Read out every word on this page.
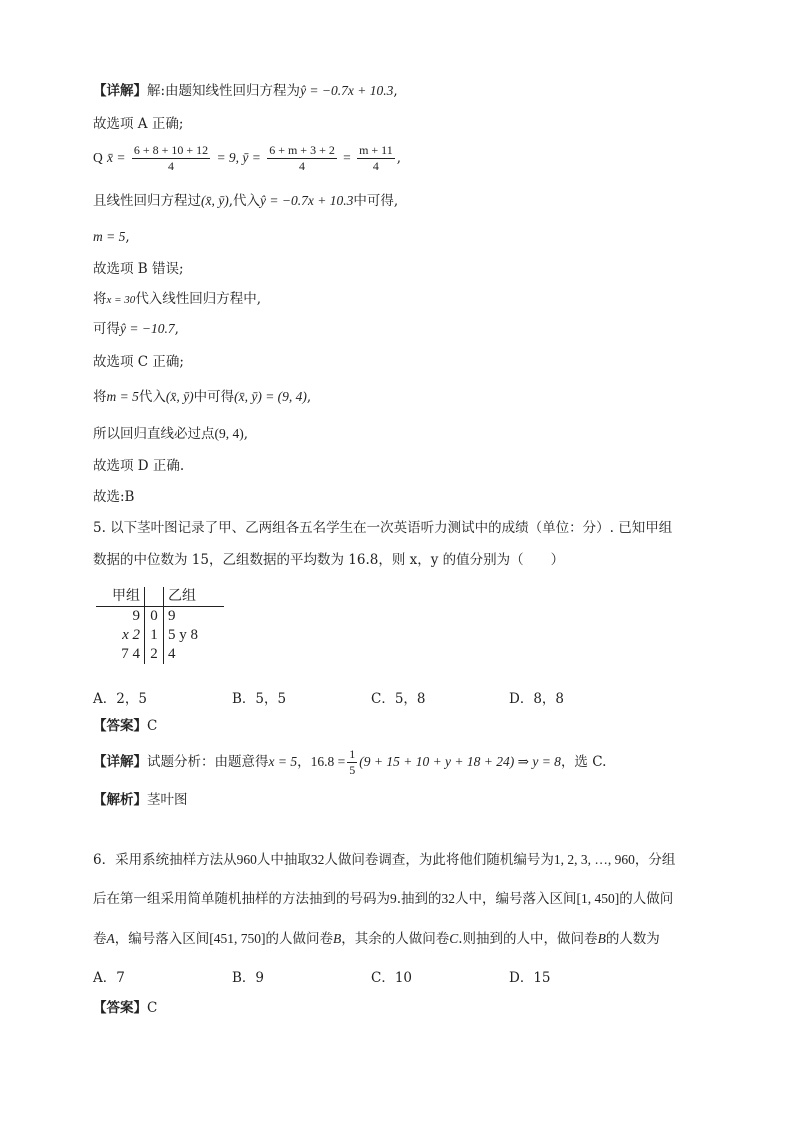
【详解】解:由题知线性回归方程为ŷ = −0.7x + 10.3,
故选项 A 正确;
Q x̄ = $\frac{6 + 8 + 10 + 12}{4} = 9$, ȳ = $\frac{6 + m + 3 + 2}{4} = \frac{m + 11}{4}$ ,
且线性回归方程过(x̄, ȳ),代入ŷ = −0.7x + 10.3中可得,
m = 5,
故选项 B 错误;
将x = 30代入线性回归方程中,
可得ŷ = −10.7,
故选项 C 正确;
将m = 5代入(x̄, ȳ)中可得(x̄, ȳ) = (9, 4),
所以回归直线必过点(9, 4),
故选项 D 正确.
故选:B
5. 以下茎叶图记录了甲、乙两组各五名学生在一次英语听力测试中的成绩（单位：分）. 已知甲组
数据的中位数为 15，乙组数据的平均数为 16.8，则 x，y 的值分别为（　　）
甲组		乙组
9	0	9
x 2	1	5 y 8
7 4	2	4
A．2，5	B．5，5	C．5，8	D．8，8
【答案】C
【详解】试题分析：由题意得x = 5，$16.8 = \frac{1}{5} (9 + 15 + 10 + y + 18 + 24)$ ⇒ y = 8，选 C.
【解析】茎叶图
6．采用系统抽样方法从960人中抽取32人做问卷调查，为此将他们随机编号为1, 2, 3, …, 960，分组
后在第一组采用简单随机抽样的方法抽到的号码为9.抽到的32人中，编号落入区间[1, 450]的人做问
卷A，编号落入区间[451, 750]的人做问卷B，其余的人做问卷C.则抽到的人中，做问卷B的人数为
A．7	B．9	C．10	D．15
【答案】C
